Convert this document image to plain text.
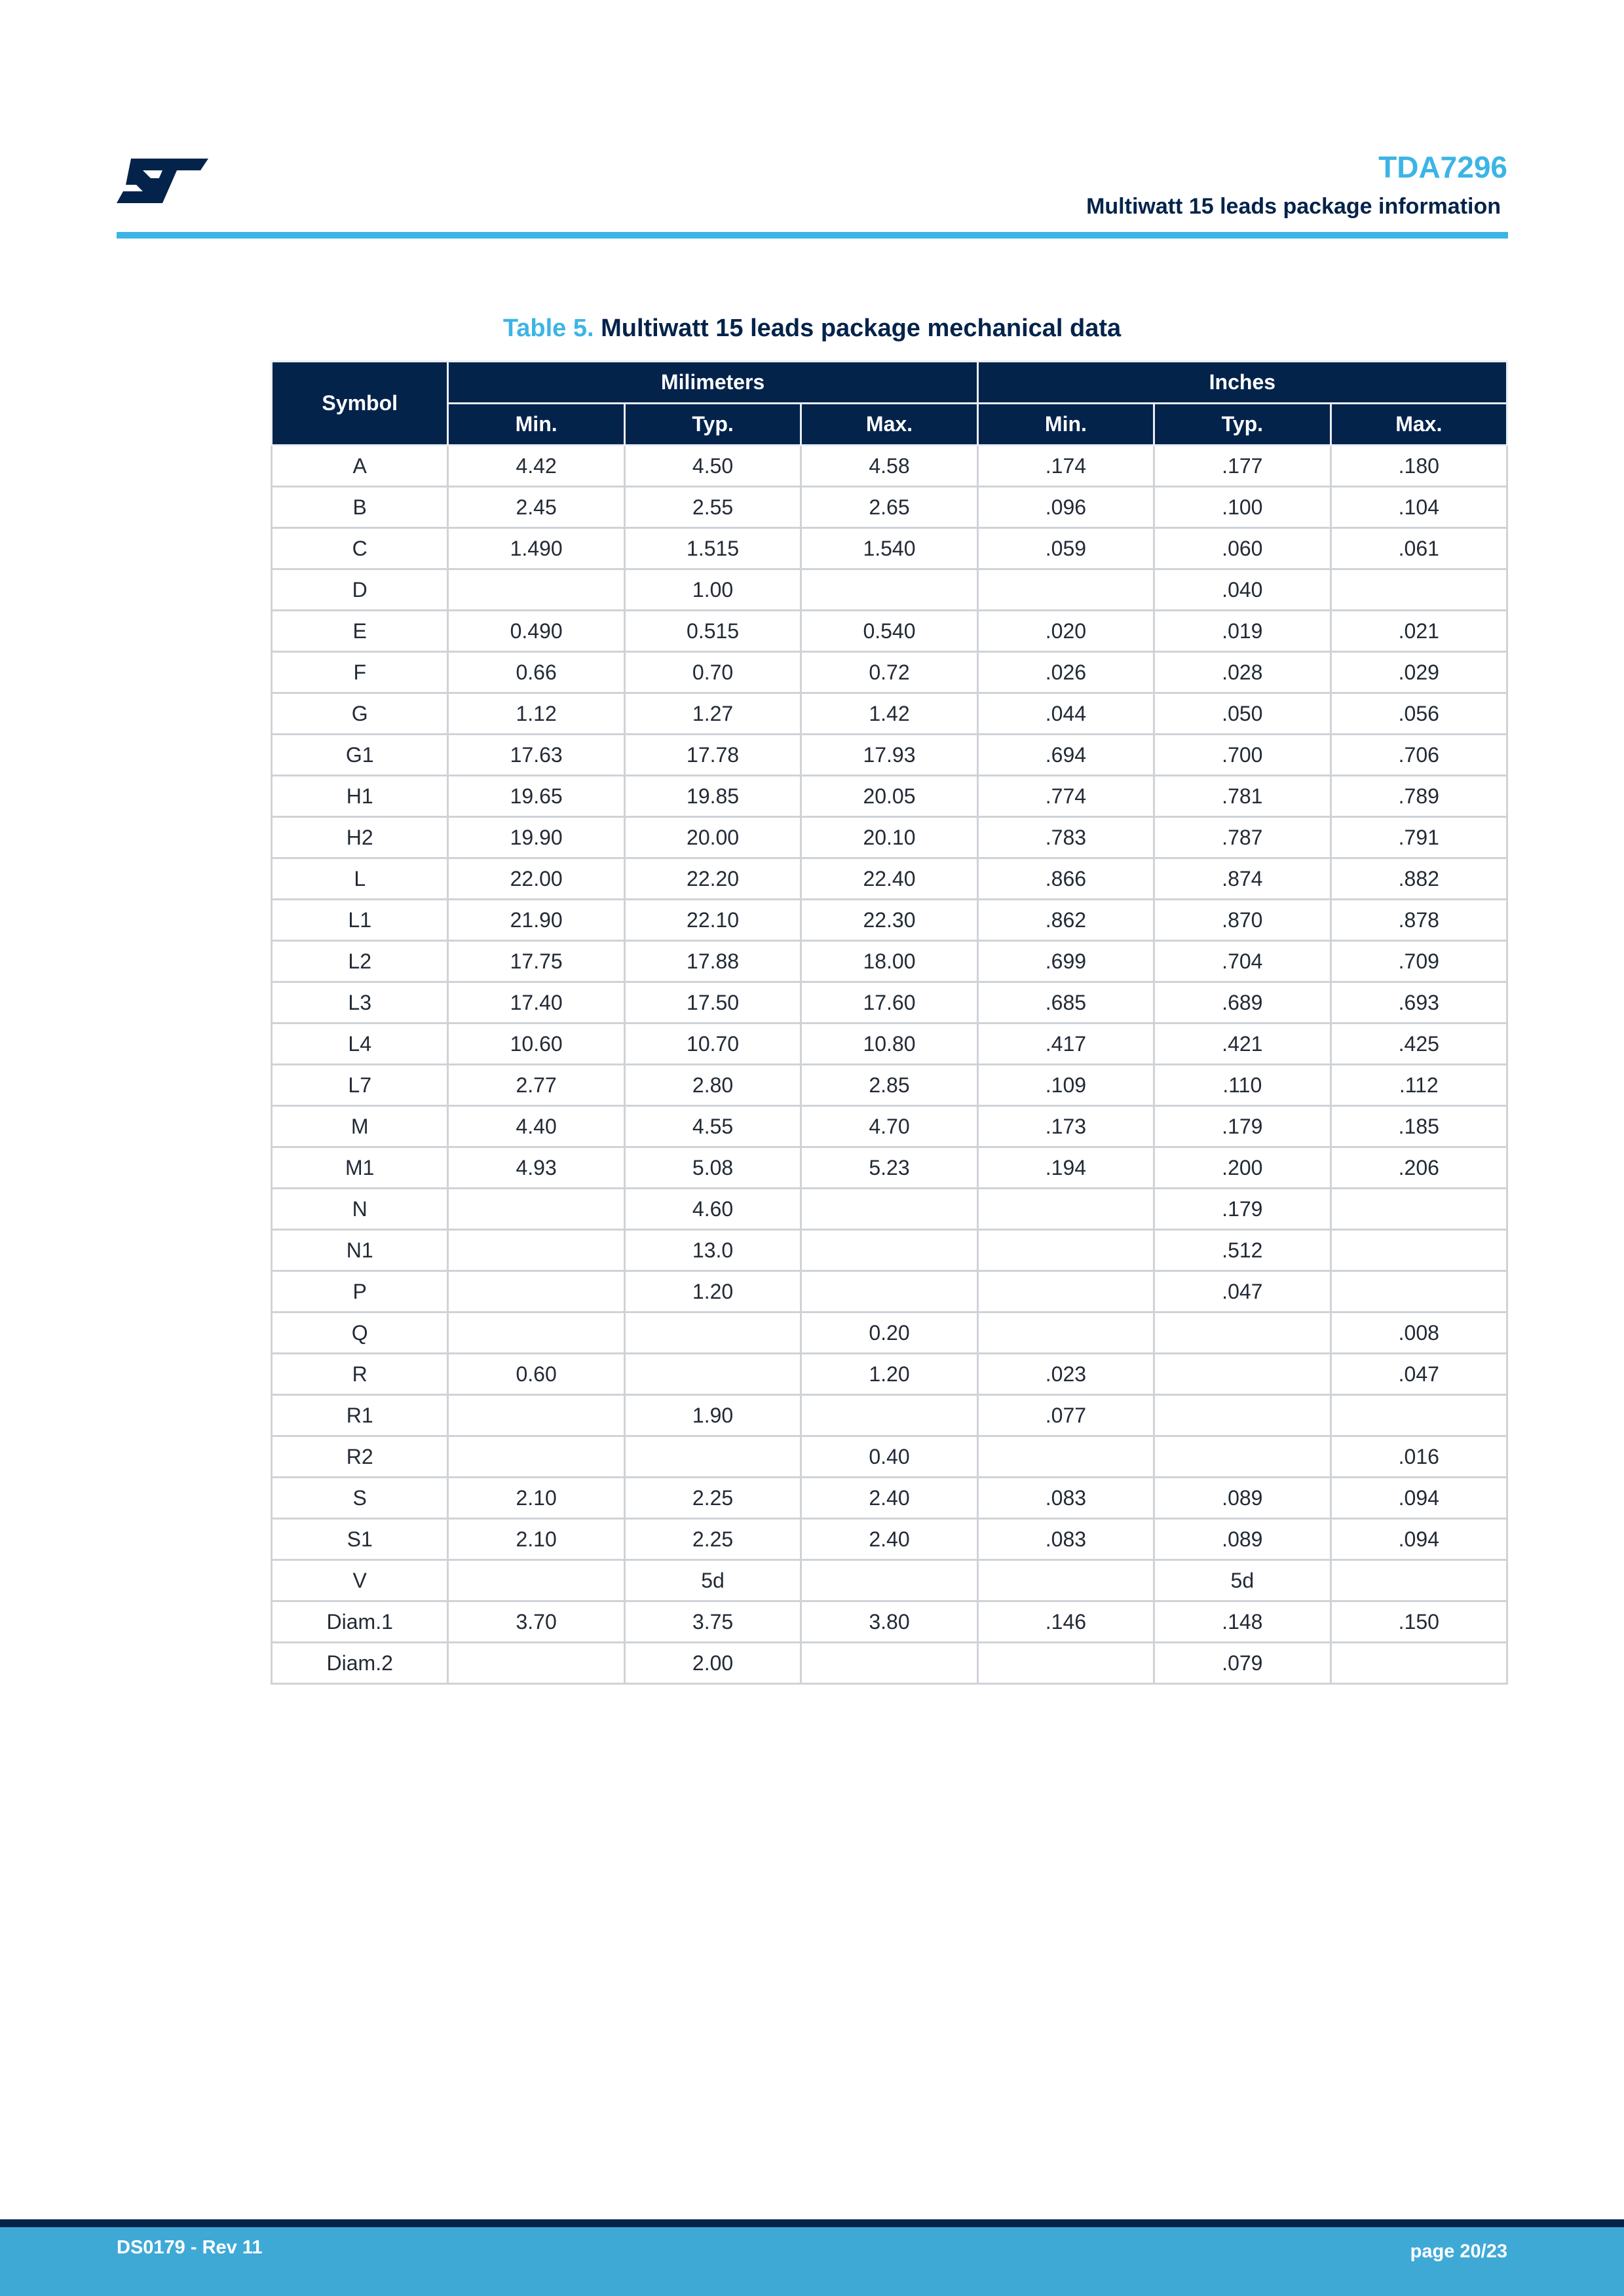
TDA7296
Multiwatt 15 leads package information
Table 5. Multiwatt 15 leads package mechanical data
Symbol	Milimeters			Inches		
	Min.	Typ.	Max.	Min.	Typ.	Max.
A	4.42	4.50	4.58	.174	.177	.180
B	2.45	2.55	2.65	.096	.100	.104
C	1.490	1.515	1.540	.059	.060	.061
D		1.00			.040	
E	0.490	0.515	0.540	.020	.019	.021
F	0.66	0.70	0.72	.026	.028	.029
G	1.12	1.27	1.42	.044	.050	.056
G1	17.63	17.78	17.93	.694	.700	.706
H1	19.65	19.85	20.05	.774	.781	.789
H2	19.90	20.00	20.10	.783	.787	.791
L	22.00	22.20	22.40	.866	.874	.882
L1	21.90	22.10	22.30	.862	.870	.878
L2	17.75	17.88	18.00	.699	.704	.709
L3	17.40	17.50	17.60	.685	.689	.693
L4	10.60	10.70	10.80	.417	.421	.425
L7	2.77	2.80	2.85	.109	.110	.112
M	4.40	4.55	4.70	.173	.179	.185
M1	4.93	5.08	5.23	.194	.200	.206
N		4.60			.179	
N1		13.0			.512	
P		1.20			.047	
Q			0.20			.008
R	0.60		1.20	.023		.047
R1		1.90		.077		
R2			0.40			.016
S	2.10	2.25	2.40	.083	.089	.094
S1	2.10	2.25	2.40	.083	.089	.094
V		5d			5d	
Diam.1	3.70	3.75	3.80	.146	.148	.150
Diam.2		2.00			.079	
DS0179 - Rev 11	page 20/23
